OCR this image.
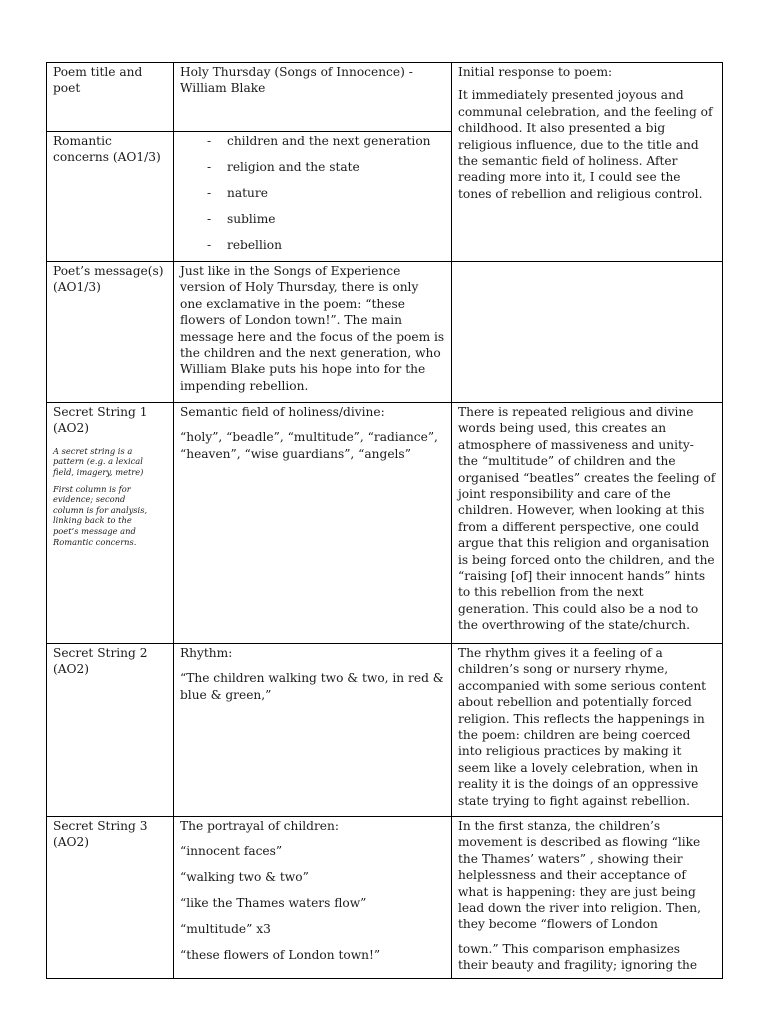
Poem title and
poet
Holy Thursday (Songs of Innocence) -
William Blake
Initial response to poem:
It immediately presented joyous and
communal celebration, and the feeling of
childhood. It also presented a big
religious influence, due to the title and
the semantic field of holiness. After
reading more into it, I could see the
tones of rebellion and religious control.
Romantic
concerns (AO1/3)
- children and the next generation
- religion and the state
- nature
- sublime
- rebellion
Poet’s message(s)
(AO1/3)
Just like in the Songs of Experience
version of Holy Thursday, there is only
one exclamative in the poem: “these
flowers of London town!”. The main
message here and the focus of the poem is
the children and the next generation, who
William Blake puts his hope into for the
impending rebellion.
Secret String 1
(AO2)
A secret string is a
pattern (e.g. a lexical
field, imagery, metre)
First column is for
evidence; second
column is for analysis,
linking back to the
poet’s message and
Romantic concerns.
Semantic field of holiness/divine:
“holy”, “beadle”, “multitude”, “radiance”,
“heaven”, “wise guardians”, “angels”
There is repeated religious and divine
words being used, this creates an
atmosphere of massiveness and unity-
the “multitude” of children and the
organised “beatles” creates the feeling of
joint responsibility and care of the
children. However, when looking at this
from a different perspective, one could
argue that this religion and organisation
is being forced onto the children, and the
“raising [of] their innocent hands” hints
to this rebellion from the next
generation. This could also be a nod to
the overthrowing of the state/church.
Secret String 2
(AO2)
Rhythm:
“The children walking two & two, in red &
blue & green,”
The rhythm gives it a feeling of a
children’s song or nursery rhyme,
accompanied with some serious content
about rebellion and potentially forced
religion. This reflects the happenings in
the poem: children are being coerced
into religious practices by making it
seem like a lovely celebration, when in
reality it is the doings of an oppressive
state trying to fight against rebellion.
Secret String 3
(AO2)
The portrayal of children:
“innocent faces”
“walking two & two”
“like the Thames waters flow”
“multitude” x3
“these flowers of London town!”
In the first stanza, the children’s
movement is described as flowing “like
the Thames’ waters” , showing their
helplessness and their acceptance of
what is happening: they are just being
lead down the river into religion. Then,
they become “flowers of London
town.” This comparison emphasizes
their beauty and fragility; ignoring the
